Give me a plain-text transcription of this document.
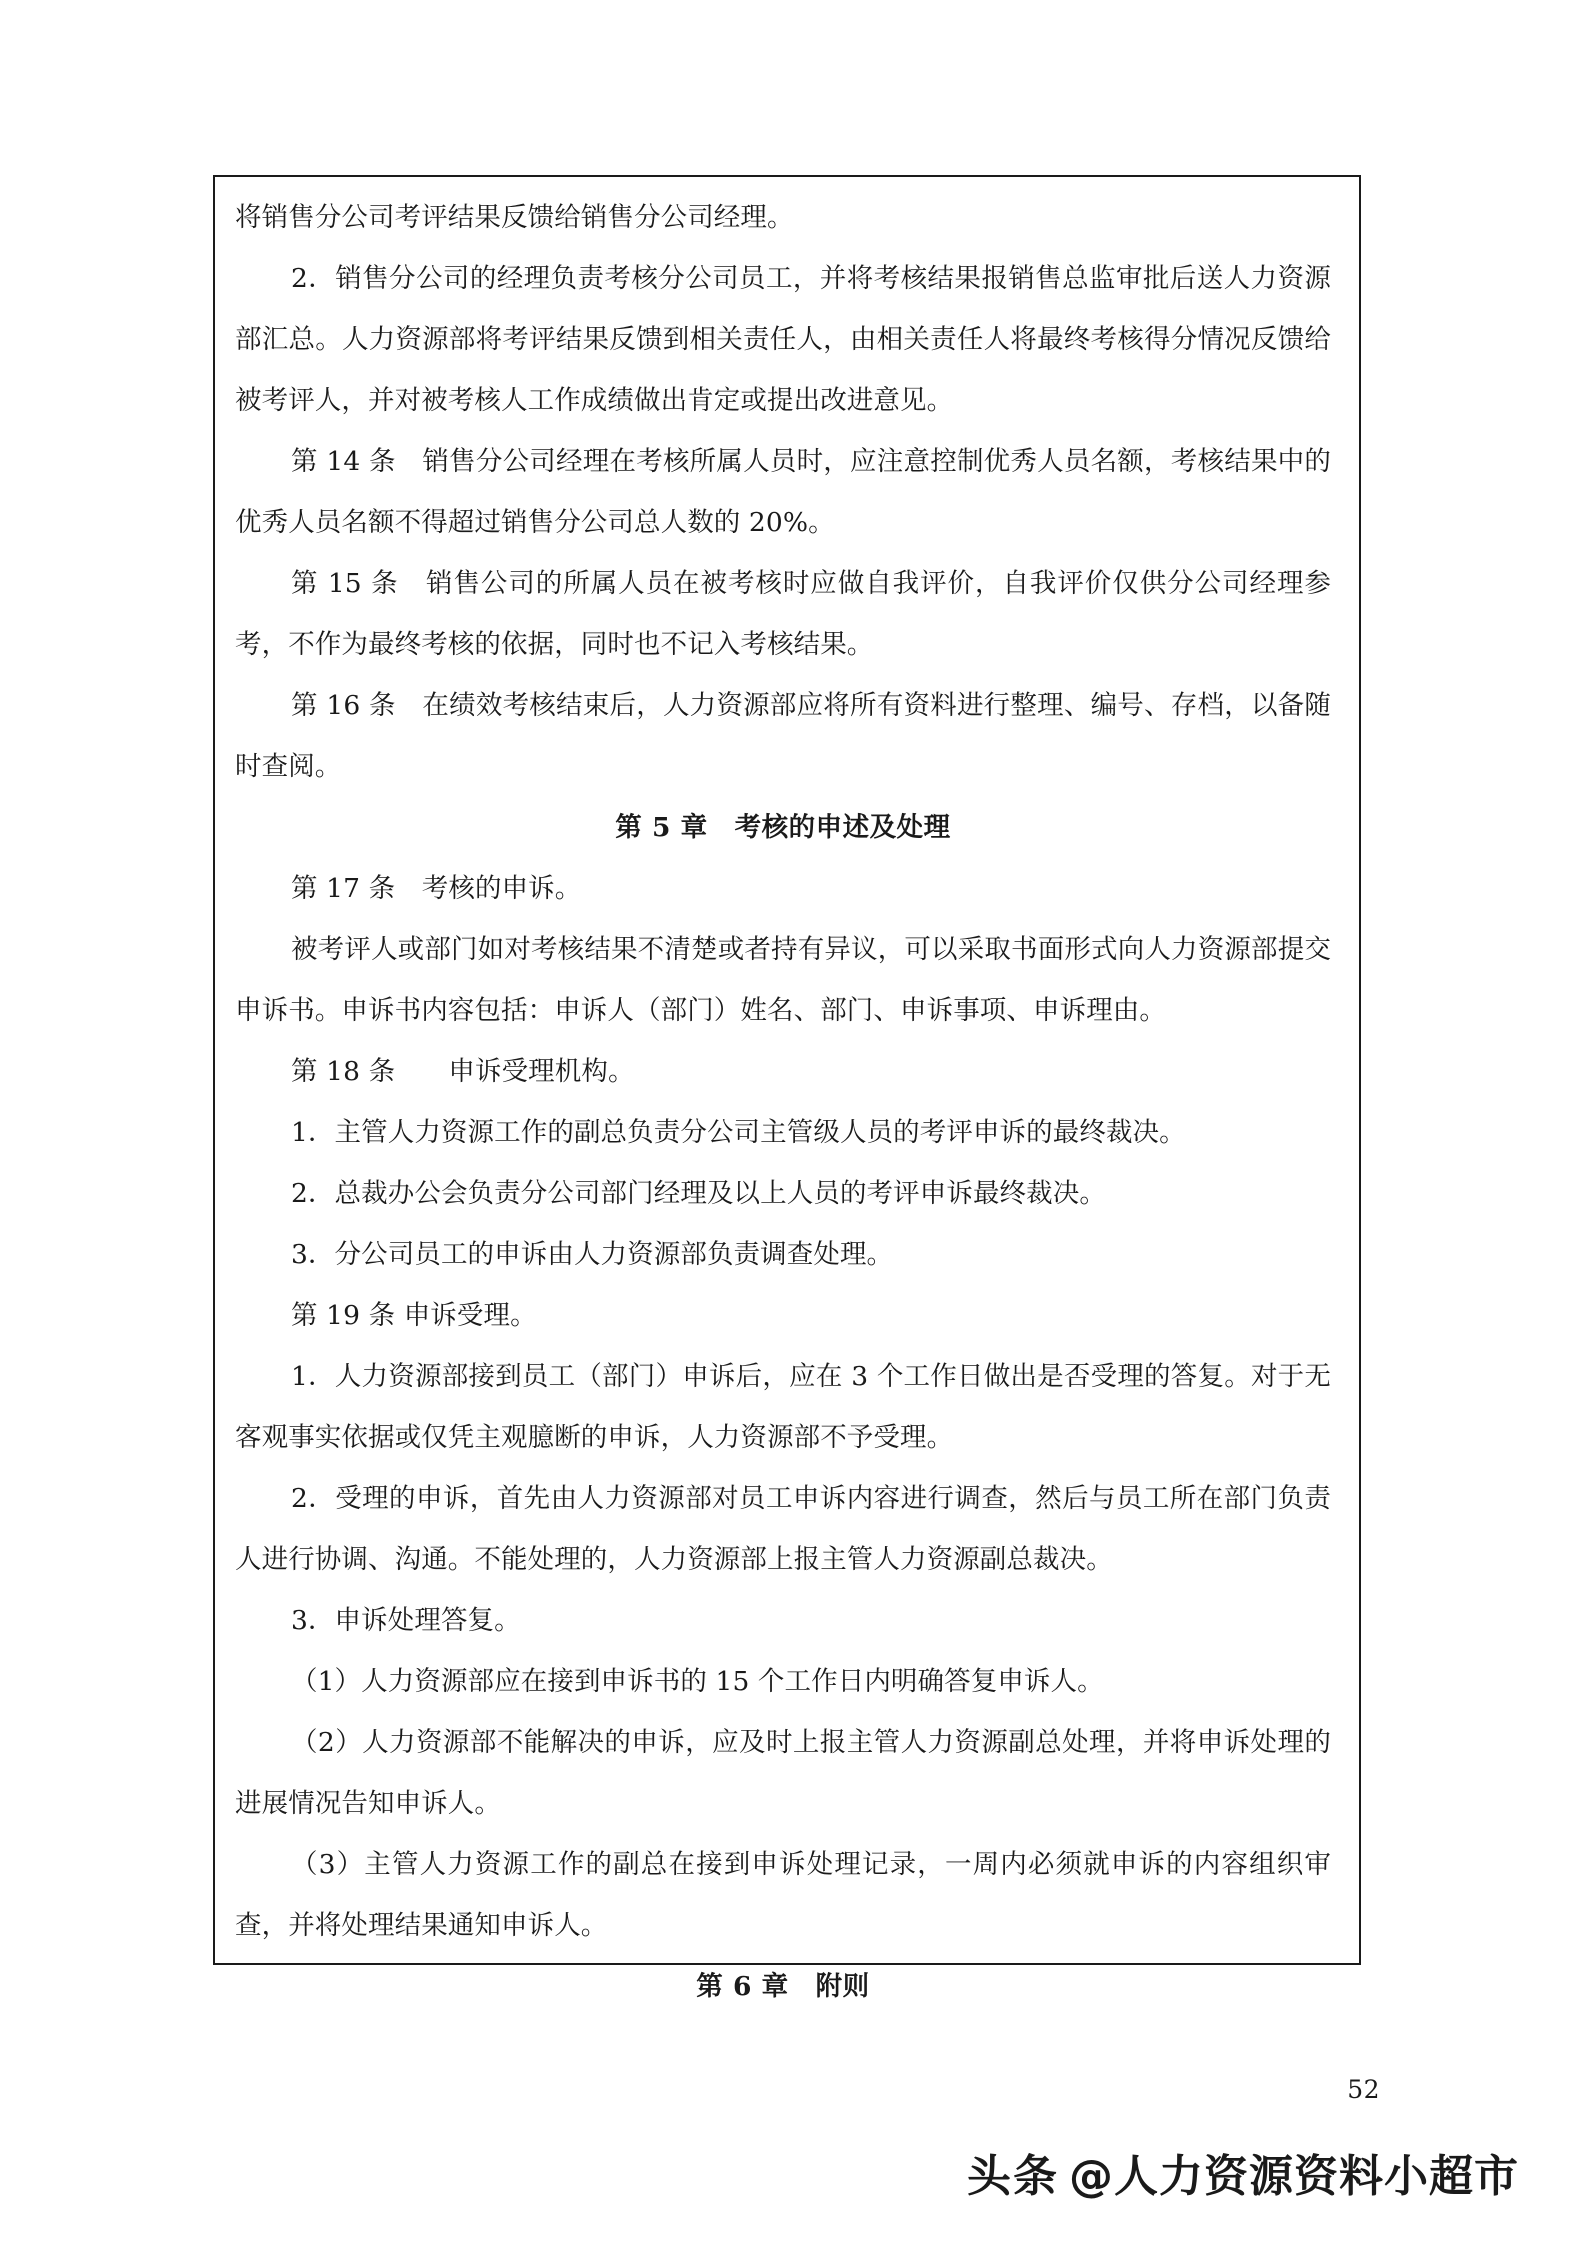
将销售分公司考评结果反馈给销售分公司经理。

2．销售分公司的经理负责考核分公司员工，并将考核结果报销售总监审批后送人力资源部汇总。人力资源部将考评结果反馈到相关责任人，由相关责任人将最终考核得分情况反馈给被考评人，并对被考核人工作成绩做出肯定或提出改进意见。

第 14 条　销售分公司经理在考核所属人员时，应注意控制优秀人员名额，考核结果中的优秀人员名额不得超过销售分公司总人数的 20%。

第 15 条　销售公司的所属人员在被考核时应做自我评价，自我评价仅供分公司经理参考，不作为最终考核的依据，同时也不记入考核结果。

第 16 条　在绩效考核结束后，人力资源部应将所有资料进行整理、编号、存档，以备随时查阅。

第 5 章　考核的申述及处理

第 17 条　考核的申诉。

被考评人或部门如对考核结果不清楚或者持有异议，可以采取书面形式向人力资源部提交申诉书。申诉书内容包括：申诉人（部门）姓名、部门、申诉事项、申诉理由。

第 18 条　　申诉受理机构。

1．主管人力资源工作的副总负责分公司主管级人员的考评申诉的最终裁决。

2．总裁办公会负责分公司部门经理及以上人员的考评申诉最终裁决。

3．分公司员工的申诉由人力资源部负责调查处理。

第 19 条 申诉受理。

1．人力资源部接到员工（部门）申诉后，应在 3 个工作日做出是否受理的答复。对于无客观事实依据或仅凭主观臆断的申诉，人力资源部不予受理。

2．受理的申诉，首先由人力资源部对员工申诉内容进行调查，然后与员工所在部门负责人进行协调、沟通。不能处理的，人力资源部上报主管人力资源副总裁决。

3．申诉处理答复。

（1）人力资源部应在接到申诉书的 15 个工作日内明确答复申诉人。

（2）人力资源部不能解决的申诉，应及时上报主管人力资源副总处理，并将申诉处理的进展情况告知申诉人。

（3）主管人力资源工作的副总在接到申诉处理记录，一周内必须就申诉的内容组织审查，并将处理结果通知申诉人。

第 6 章　附则
52
头条 @人力资源资料小超市
